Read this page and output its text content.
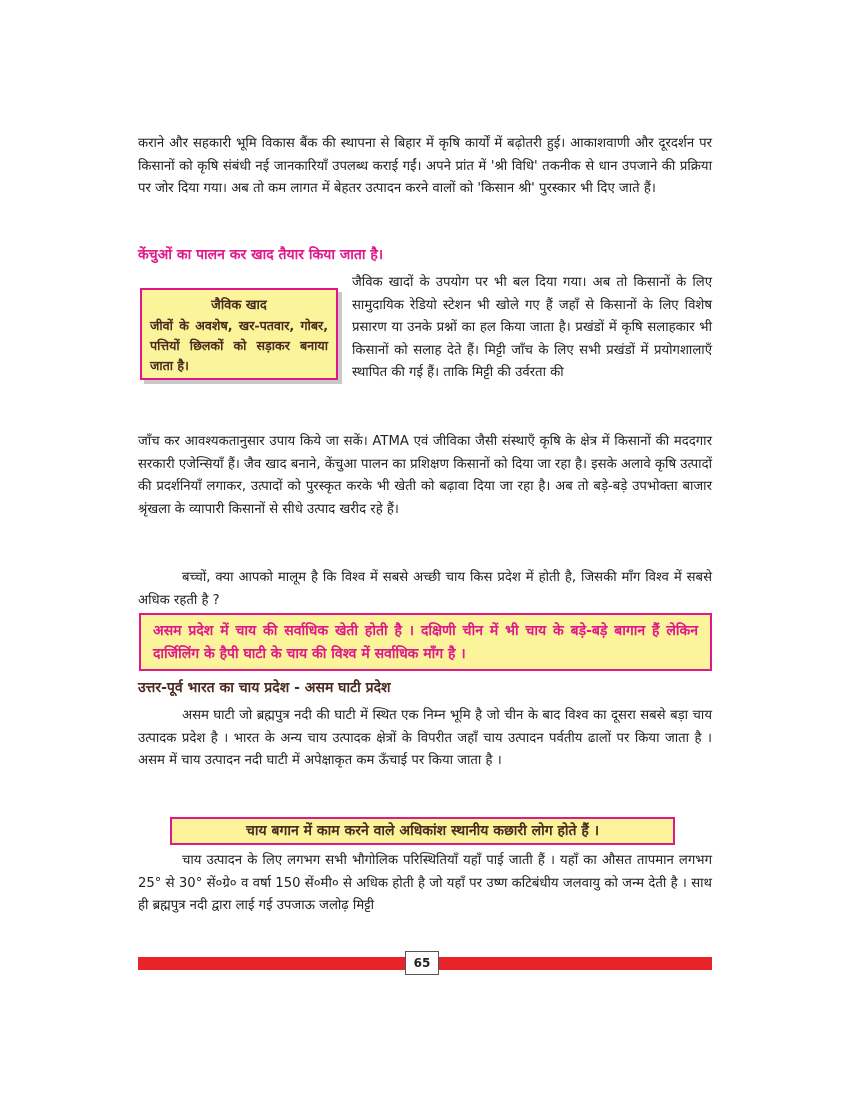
कराने और सहकारी भूमि विकास बैंक की स्थापना से बिहार में कृषि कार्यों में बढ़ोतरी हुई। आकाशवाणी और दूरदर्शन पर किसानों को कृषि संबंधी नई जानकारियाँ उपलब्ध कराई गईं। अपने प्रांत में 'श्री विधि' तकनीक से धान उपजाने की प्रक्रिया पर जोर दिया गया। अब तो कम लागत में बेहतर उत्पादन करने वालों को 'किसान श्री' पुरस्कार भी दिए जाते हैं।

केंचुओं का पालन कर खाद तैयार किया जाता है।

जैविक खाद

जीवों के अवशेष, खर-पतवार, गोबर, पत्तियों छिलकों को सड़ाकर बनाया जाता है।

जैविक खादों के उपयोग पर भी बल दिया गया। अब तो किसानों के लिए सामुदायिक रेडियो स्टेशन भी खोले गए हैं जहाँ से किसानों के लिए विशेष प्रसारण या उनके प्रश्नों का हल किया जाता है। प्रखंडों में कृषि सलाहकार भी किसानों को सलाह देते हैं। मिट्टी जाँच के लिए सभी प्रखंडों में प्रयोगशालाएँ स्थापित की गई हैं। ताकि मिट्टी की उर्वरता की

जाँच कर आवश्यकतानुसार उपाय किये जा सकें। ATMA एवं जीविका जैसी संस्थाएँ कृषि के क्षेत्र में किसानों की मददगार सरकारी एजेन्सियाँ हैं। जैव खाद बनाने, केंचुआ पालन का प्रशिक्षण किसानों को दिया जा रहा है। इसके अलावे कृषि उत्पादों की प्रदर्शनियाँ लगाकर, उत्पादों को पुरस्कृत करके भी खेती को बढ़ावा दिया जा रहा है। अब तो बड़े-बड़े उपभोक्ता बाजार श्रृंखला के व्यापारी किसानों से सीधे उत्पाद खरीद रहे हैं।

बच्चों, क्या आपको मालूम है कि विश्व में सबसे अच्छी चाय किस प्रदेश में होती है, जिसकी माँग विश्व में सबसे अधिक रहती है ?

असम प्रदेश में चाय की सर्वाधिक खेती होती है । दक्षिणी चीन में भी चाय के बड़े-बड़े बागान हैं लेकिन दार्जिलिंग के हैपी घाटी के चाय की विश्व में सर्वाधिक माँग है ।

उत्तर-पूर्व भारत का चाय प्रदेश - असम घाटी प्रदेश

असम घाटी जो ब्रह्मपुत्र नदी की घाटी में स्थित एक निम्न भूमि है जो चीन के बाद विश्व का दूसरा सबसे बड़ा चाय उत्पादक प्रदेश है । भारत के अन्य चाय उत्पादक क्षेत्रों के विपरीत जहाँ चाय उत्पादन पर्वतीय ढालों पर किया जाता है । असम में चाय उत्पादन नदी घाटी में अपेक्षाकृत कम ऊँचाई पर किया जाता है ।

चाय बगान में काम करने वाले अधिकांश स्थानीय कछारी लोग होते हैं ।

चाय उत्पादन के लिए लगभग सभी भौगोलिक परिस्थितियाँ यहाँ पाई जाती हैं । यहाँ का औसत तापमान लगभग 25° से 30° सें०ग्रे० व वर्षा 150 सें०मी० से अधिक होती है जो यहाँ पर उष्ण कटिबंधीय जलवायु को जन्म देती है । साथ ही ब्रह्मपुत्र नदी द्वारा लाई गई उपजाऊ जलोढ़ मिट्टी

65
